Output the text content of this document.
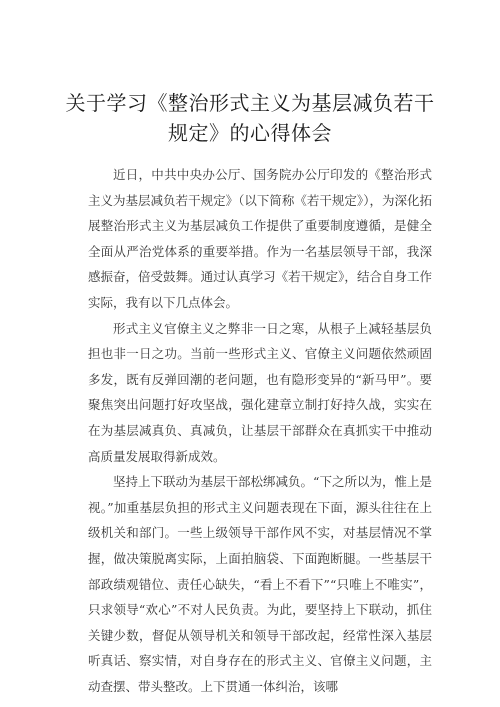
关于学习《整治形式主义为基层减负若干规定》的心得体会

近日，中共中央办公厅、国务院办公厅印发的《整治形式主义为基层减负若干规定》（以下简称《若干规定》），为深化拓展整治形式主义为基层减负工作提供了重要制度遵循，是健全全面从严治党体系的重要举措。作为一名基层领导干部，我深感振奋，倍受鼓舞。通过认真学习《若干规定》，结合自身工作实际，我有以下几点体会。

形式主义官僚主义之弊非一日之寒，从根子上减轻基层负担也非一日之功。当前一些形式主义、官僚主义问题依然顽固多发，既有反弹回潮的老问题，也有隐形变异的“新马甲”。要聚焦突出问题打好攻坚战，强化建章立制打好持久战，实实在在为基层减真负、真减负，让基层干部群众在真抓实干中推动高质量发展取得新成效。

坚持上下联动为基层干部松绑减负。“下之所以为，惟上是视。”加重基层负担的形式主义问题表现在下面，源头往往在上级机关和部门。一些上级领导干部作风不实，对基层情况不掌握，做决策脱离实际，上面拍脑袋、下面跑断腿。一些基层干部政绩观错位、责任心缺失，“看上不看下”“只唯上不唯实”，只求领导“欢心”不对人民负责。为此，要坚持上下联动，抓住关键少数，督促从领导机关和领导干部改起，经常性深入基层听真话、察实情，对自身存在的形式主义、官僚主义问题，主动查摆、带头整改。上下贯通一体纠治，该哪
